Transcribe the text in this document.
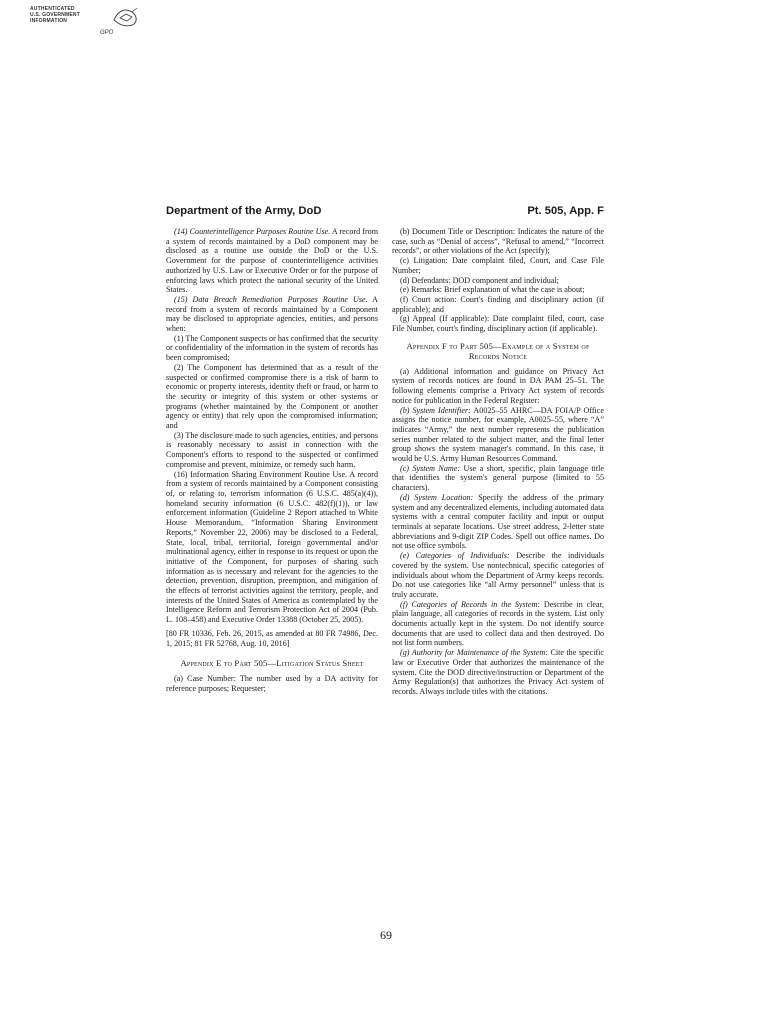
AUTHENTICATED
U.S. GOVERNMENT
INFORMATION
GPO
Department of the Army, DoD	Pt. 505, App. F

(14) Counterintelligence Purposes Routine Use. A record from a system of records maintained by a DoD component may be disclosed as a routine use outside the DoD or the U.S. Government for the purpose of counterintelligence activities authorized by U.S. Law or Executive Order or for the purpose of enforcing laws which protect the national security of the United States.

(15) Data Breach Remediation Purposes Routine Use. A record from a system of records maintained by a Component may be disclosed to appropriate agencies, entities, and persons when:

(1) The Component suspects or has confirmed that the security or confidentiality of the information in the system of records has been compromised;

(2) The Component has determined that as a result of the suspected or confirmed compromise there is a risk of harm to economic or property interests, identity theft or fraud, or harm to the security or integrity of this system or other systems or programs (whether maintained by the Component or another agency or entity) that rely upon the compromised information; and

(3) The disclosure made to such agencies, entities, and persons is reasonably necessary to assist in connection with the Component's efforts to respond to the suspected or confirmed compromise and prevent, minimize, or remedy such harm.

(16) Information Sharing Environment Routine Use. A record from a system of records maintained by a Component consisting of, or relating to, terrorism information (6 U.S.C. 485(a)(4)), homeland security information (6 U.S.C. 482(f)(1)), or law enforcement information (Guideline 2 Report attached to White House Memorandum, “Information Sharing Environment Reports,” November 22, 2006) may be disclosed to a Federal, State, local, tribal, territorial, foreign governmental and/or multinational agency, either in response to its request or upon the initiative of the Component, for purposes of sharing such information as is necessary and relevant for the agencies to the detection, prevention, disruption, preemption, and mitigation of the effects of terrorist activities against the territory, people, and interests of the United States of America as contemplated by the Intelligence Reform and Terrorism Protection Act of 2004 (Pub. L. 108–458) and Executive Order 13388 (October 25, 2005).

[80 FR 10336, Feb. 26, 2015, as amended at 80 FR 74986, Dec. 1, 2015; 81 FR 52768, Aug. 10, 2016]

Appendix E to Part 505—Litigation Status Sheet

(a) Case Number: The number used by a DA activity for reference purposes; Requester;

(b) Document Title or Description: Indicates the nature of the case, such as “Denial of access”, “Refusal to amend,” “Incorrect records”, or other violations of the Act (specify);

(c) Litigation: Date complaint filed, Court, and Case File Number;

(d) Defendants: DOD component and individual;

(e) Remarks: Brief explanation of what the case is about;

(f) Court action: Court's finding and disciplinary action (if applicable); and

(g) Appeal (If applicable): Date complaint filed, court, case File Number, court's finding, disciplinary action (if applicable).

Appendix F to Part 505—Example of a System of Records Notice

(a) Additional information and guidance on Privacy Act system of records notices are found in DA PAM 25–51. The following elements comprise a Privacy Act system of records notice for publication in the Federal Register:

(b) System Identifier: A0025–55 AHRC—DA FOIA/P Office assigns the notice number, for example, A0025–55, where “A” indicates “Army,” the next number represents the publication series number related to the subject matter, and the final letter group shows the system manager's command. In this case, it would be U.S. Army Human Resources Command.

(c) System Name: Use a short, specific, plain language title that identifies the system's general purpose (limited to 55 characters).

(d) System Location: Specify the address of the primary system and any decentralized elements, including automated data systems with a central computer facility and input or output terminals at separate locations. Use street address, 2-letter state abbreviations and 9-digit ZIP Codes. Spell out office names. Do not use office symbols.

(e) Categories of Individuals: Describe the individuals covered by the system. Use nontechnical, specific categories of individuals about whom the Department of Army keeps records. Do not use categories like “all Army personnel” unless that is truly accurate.

(f) Categories of Records in the System: Describe in clear, plain language, all categories of records in the system. List only documents actually kept in the system. Do not identify source documents that are used to collect data and then destroyed. Do not list form numbers.

(g) Authority for Maintenance of the System: Cite the specific law or Executive Order that authorizes the maintenance of the system. Cite the DOD directive/instruction or Department of the Army Regulation(s) that authorizes the Privacy Act system of records. Always include titles with the citations.

69
